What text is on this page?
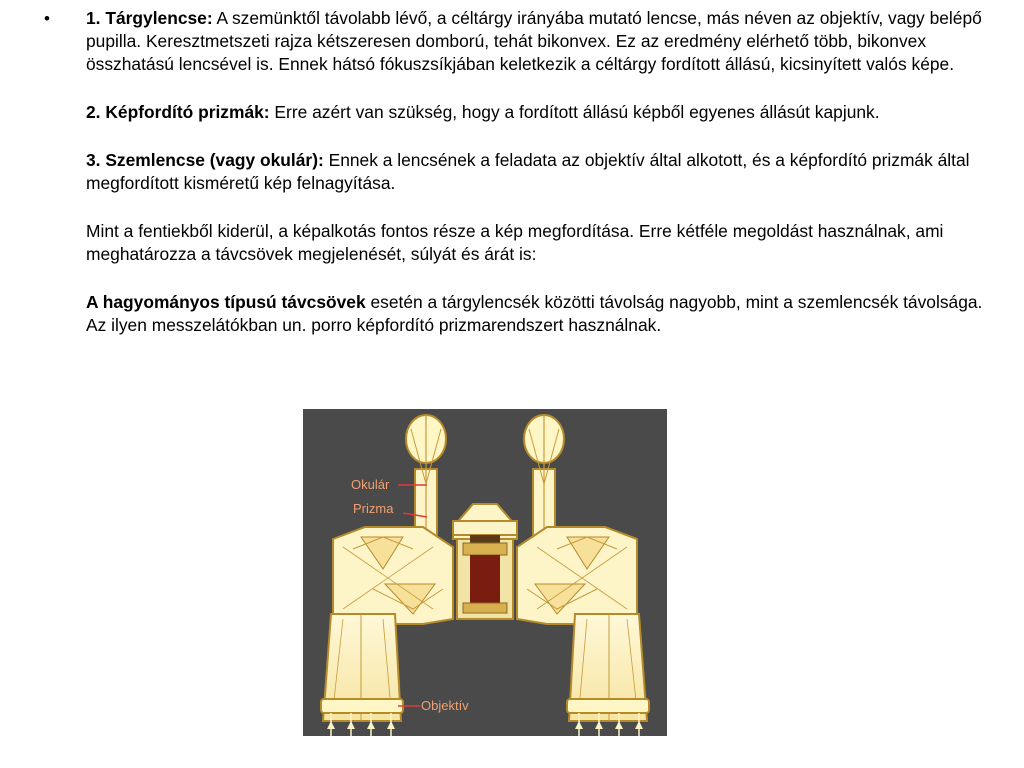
• 1. Tárgylencse: A szemünktől távolabb lévő, a céltárgy irányába mutató lencse, más néven az objektív, vagy belépő pupilla. Keresztmetszeti rajza kétszeresen domború, tehát bikonvex. Ez az eredmény elérhető több, bikonvex összhatású lencsével is. Ennek hátsó fókuszsíkjában keletkezik a céltárgy fordított állású, kicsinyített valós képe.

2. Képfordító prizmák: Erre azért van szükség, hogy a fordított állású képből egyenes állásút kapjunk.

3. Szemlencse (vagy okulár): Ennek a lencsének a feladata az objektív által alkotott, és a képfordító prizmák által megfordított kisméretű kép felnagyítása.

Mint a fentiekből kiderül, a képalkotás fontos része a kép megfordítása. Erre kétféle megoldást használnak, ami meghatározza a távcsövek megjelenését, súlyát és árát is:

A hagyományos típusú távcsövek esetén a tárgylencsék közötti távolság nagyobb, mint a szemlencsék távolsága. Az ilyen messzelátókban un. porro képfordító prizmarendszert használnak.

Okulár
Prizma
Objektív
